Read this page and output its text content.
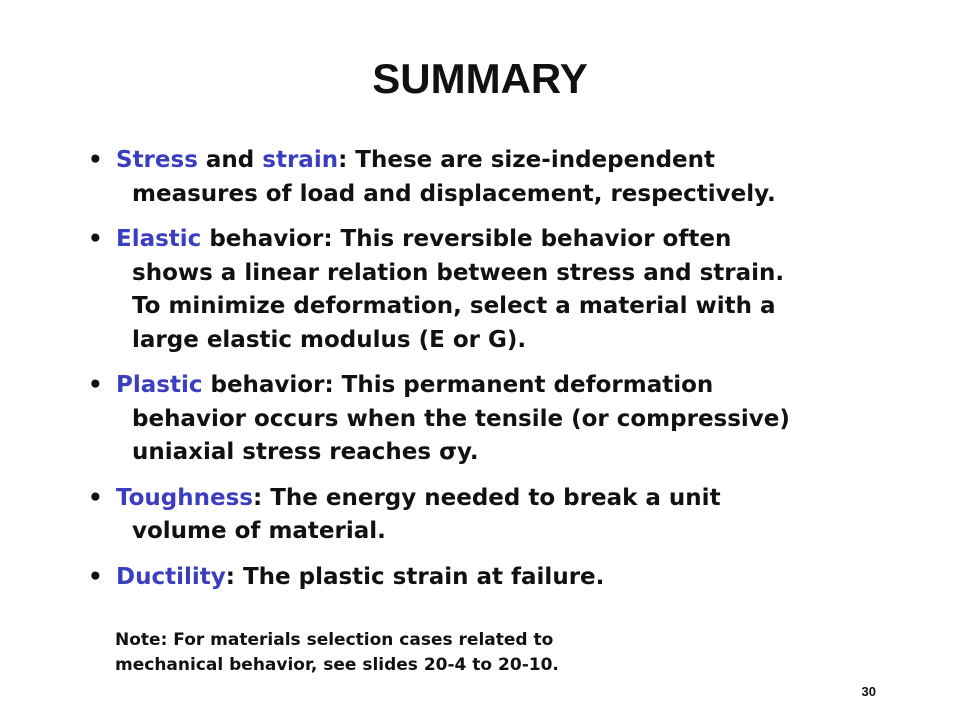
SUMMARY
• Stress and strain: These are size-independent
measures of load and displacement, respectively.
• Elastic behavior: This reversible behavior often
shows a linear relation between stress and strain.
To minimize deformation, select a material with a
large elastic modulus (E or G).
• Plastic behavior: This permanent deformation
behavior occurs when the tensile (or compressive)
uniaxial stress reaches σy.
• Toughness: The energy needed to break a unit
volume of material.
• Ductility: The plastic strain at failure.
Note: For materials selection cases related to
mechanical behavior, see slides 20-4 to 20-10.
30
